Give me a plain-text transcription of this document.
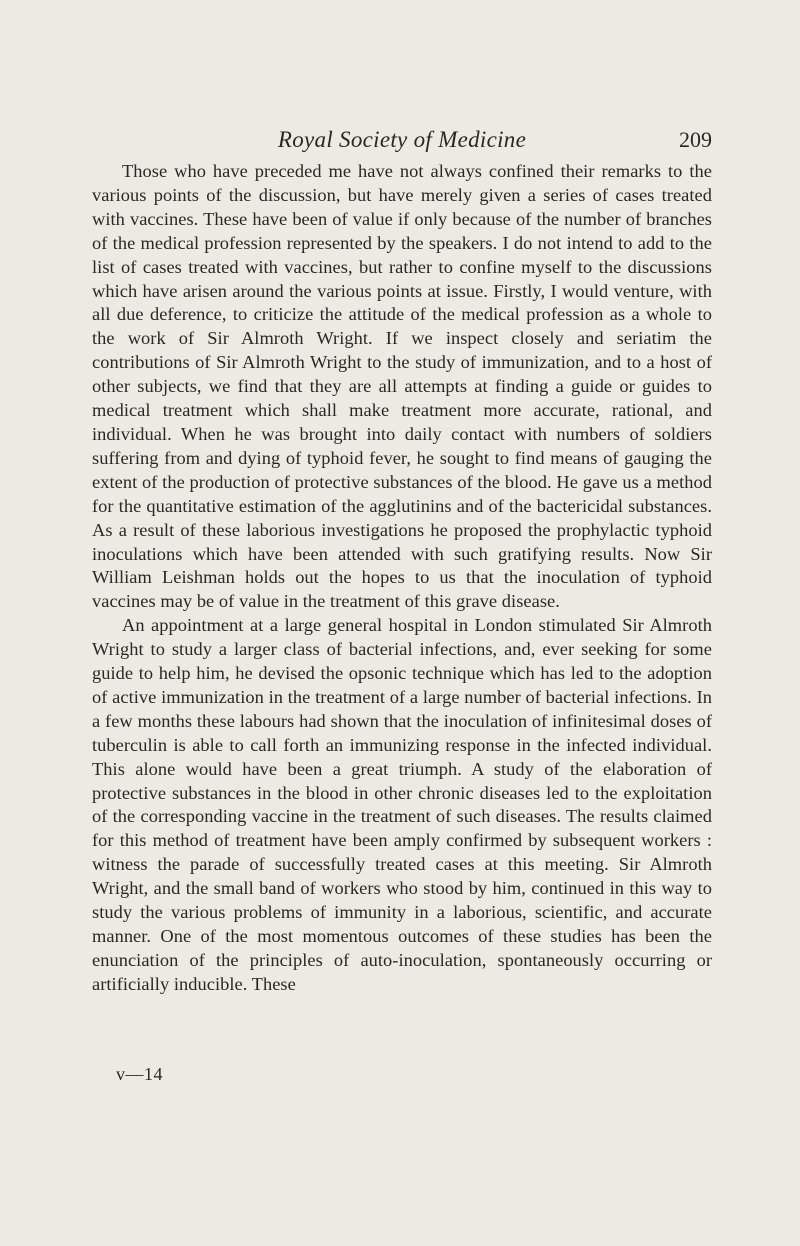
Royal Society of Medicine	209

Those who have preceded me have not always confined their remarks to the various points of the discussion, but have merely given a series of cases treated with vaccines. These have been of value if only because of the number of branches of the medical profession represented by the speakers. I do not intend to add to the list of cases treated with vaccines, but rather to confine myself to the discussions which have arisen around the various points at issue. Firstly, I would venture, with all due deference, to criticize the attitude of the medical profession as a whole to the work of Sir Almroth Wright. If we inspect closely and seriatim the contributions of Sir Almroth Wright to the study of immunization, and to a host of other subjects, we find that they are all attempts at finding a guide or guides to medical treatment which shall make treatment more accurate, rational, and individual. When he was brought into daily contact with numbers of soldiers suffering from and dying of typhoid fever, he sought to find means of gauging the extent of the production of protective substances of the blood. He gave us a method for the quantitative estimation of the agglutinins and of the bactericidal substances. As a result of these laborious investigations he proposed the prophylactic typhoid inoculations which have been attended with such gratifying results. Now Sir William Leishman holds out the hopes to us that the inoculation of typhoid vaccines may be of value in the treatment of this grave disease.

An appointment at a large general hospital in London stimulated Sir Almroth Wright to study a larger class of bacterial infections, and, ever seeking for some guide to help him, he devised the opsonic technique which has led to the adoption of active immunization in the treatment of a large number of bacterial infections. In a few months these labours had shown that the inoculation of infinitesimal doses of tuberculin is able to call forth an immunizing response in the infected individual. This alone would have been a great triumph. A study of the elaboration of protective substances in the blood in other chronic diseases led to the exploitation of the corresponding vaccine in the treatment of such diseases. The results claimed for this method of treatment have been amply confirmed by subsequent workers : witness the parade of successfully treated cases at this meeting. Sir Almroth Wright, and the small band of workers who stood by him, continued in this way to study the various problems of immunity in a laborious, scientific, and accurate manner. One of the most momentous outcomes of these studies has been the enunciation of the principles of auto-inoculation, spontaneously occurring or artificially inducible. These

v—14
